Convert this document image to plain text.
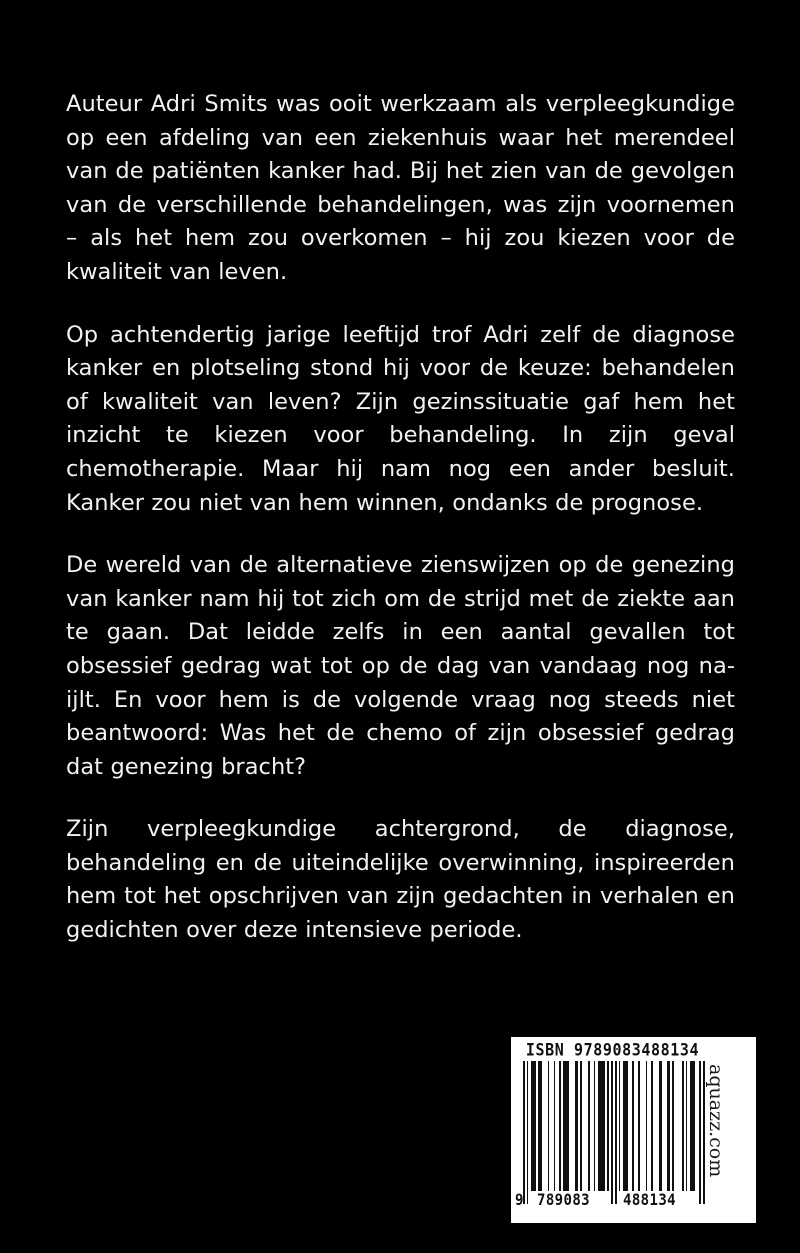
Auteur Adri Smits was ooit werkzaam als verpleegkundige op een afdeling van een ziekenhuis waar het merendeel van de patiënten kanker had. Bij het zien van de gevolgen van de verschillende behandelingen, was zijn voornemen – als het hem zou overkomen – hij zou kiezen voor de kwaliteit van leven.

Op achtendertig jarige leeftijd trof Adri zelf de diagnose kanker en plotseling stond hij voor de keuze: behandelen of kwaliteit van leven? Zijn gezinssituatie gaf hem het inzicht te kiezen voor behandeling. In zijn geval chemotherapie. Maar hij nam nog een ander besluit. Kanker zou niet van hem winnen, ondanks de prognose.

De wereld van de alternatieve zienswijzen op de genezing van kanker nam hij tot zich om de strijd met de ziekte aan te gaan. Dat leidde zelfs in een aantal gevallen tot obsessief gedrag wat tot op de dag van vandaag nog na-ijlt. En voor hem is de volgende vraag nog steeds niet beantwoord: Was het de chemo of zijn obsessief gedrag dat genezing bracht?

Zijn verpleegkundige achtergrond, de diagnose, behandeling en de uiteindelijke overwinning, inspireerden hem tot het opschrijven van zijn gedachten in verhalen en gedichten over deze intensieve periode.

ISBN 9789083488134
9 789083 488134
aquazz.com
